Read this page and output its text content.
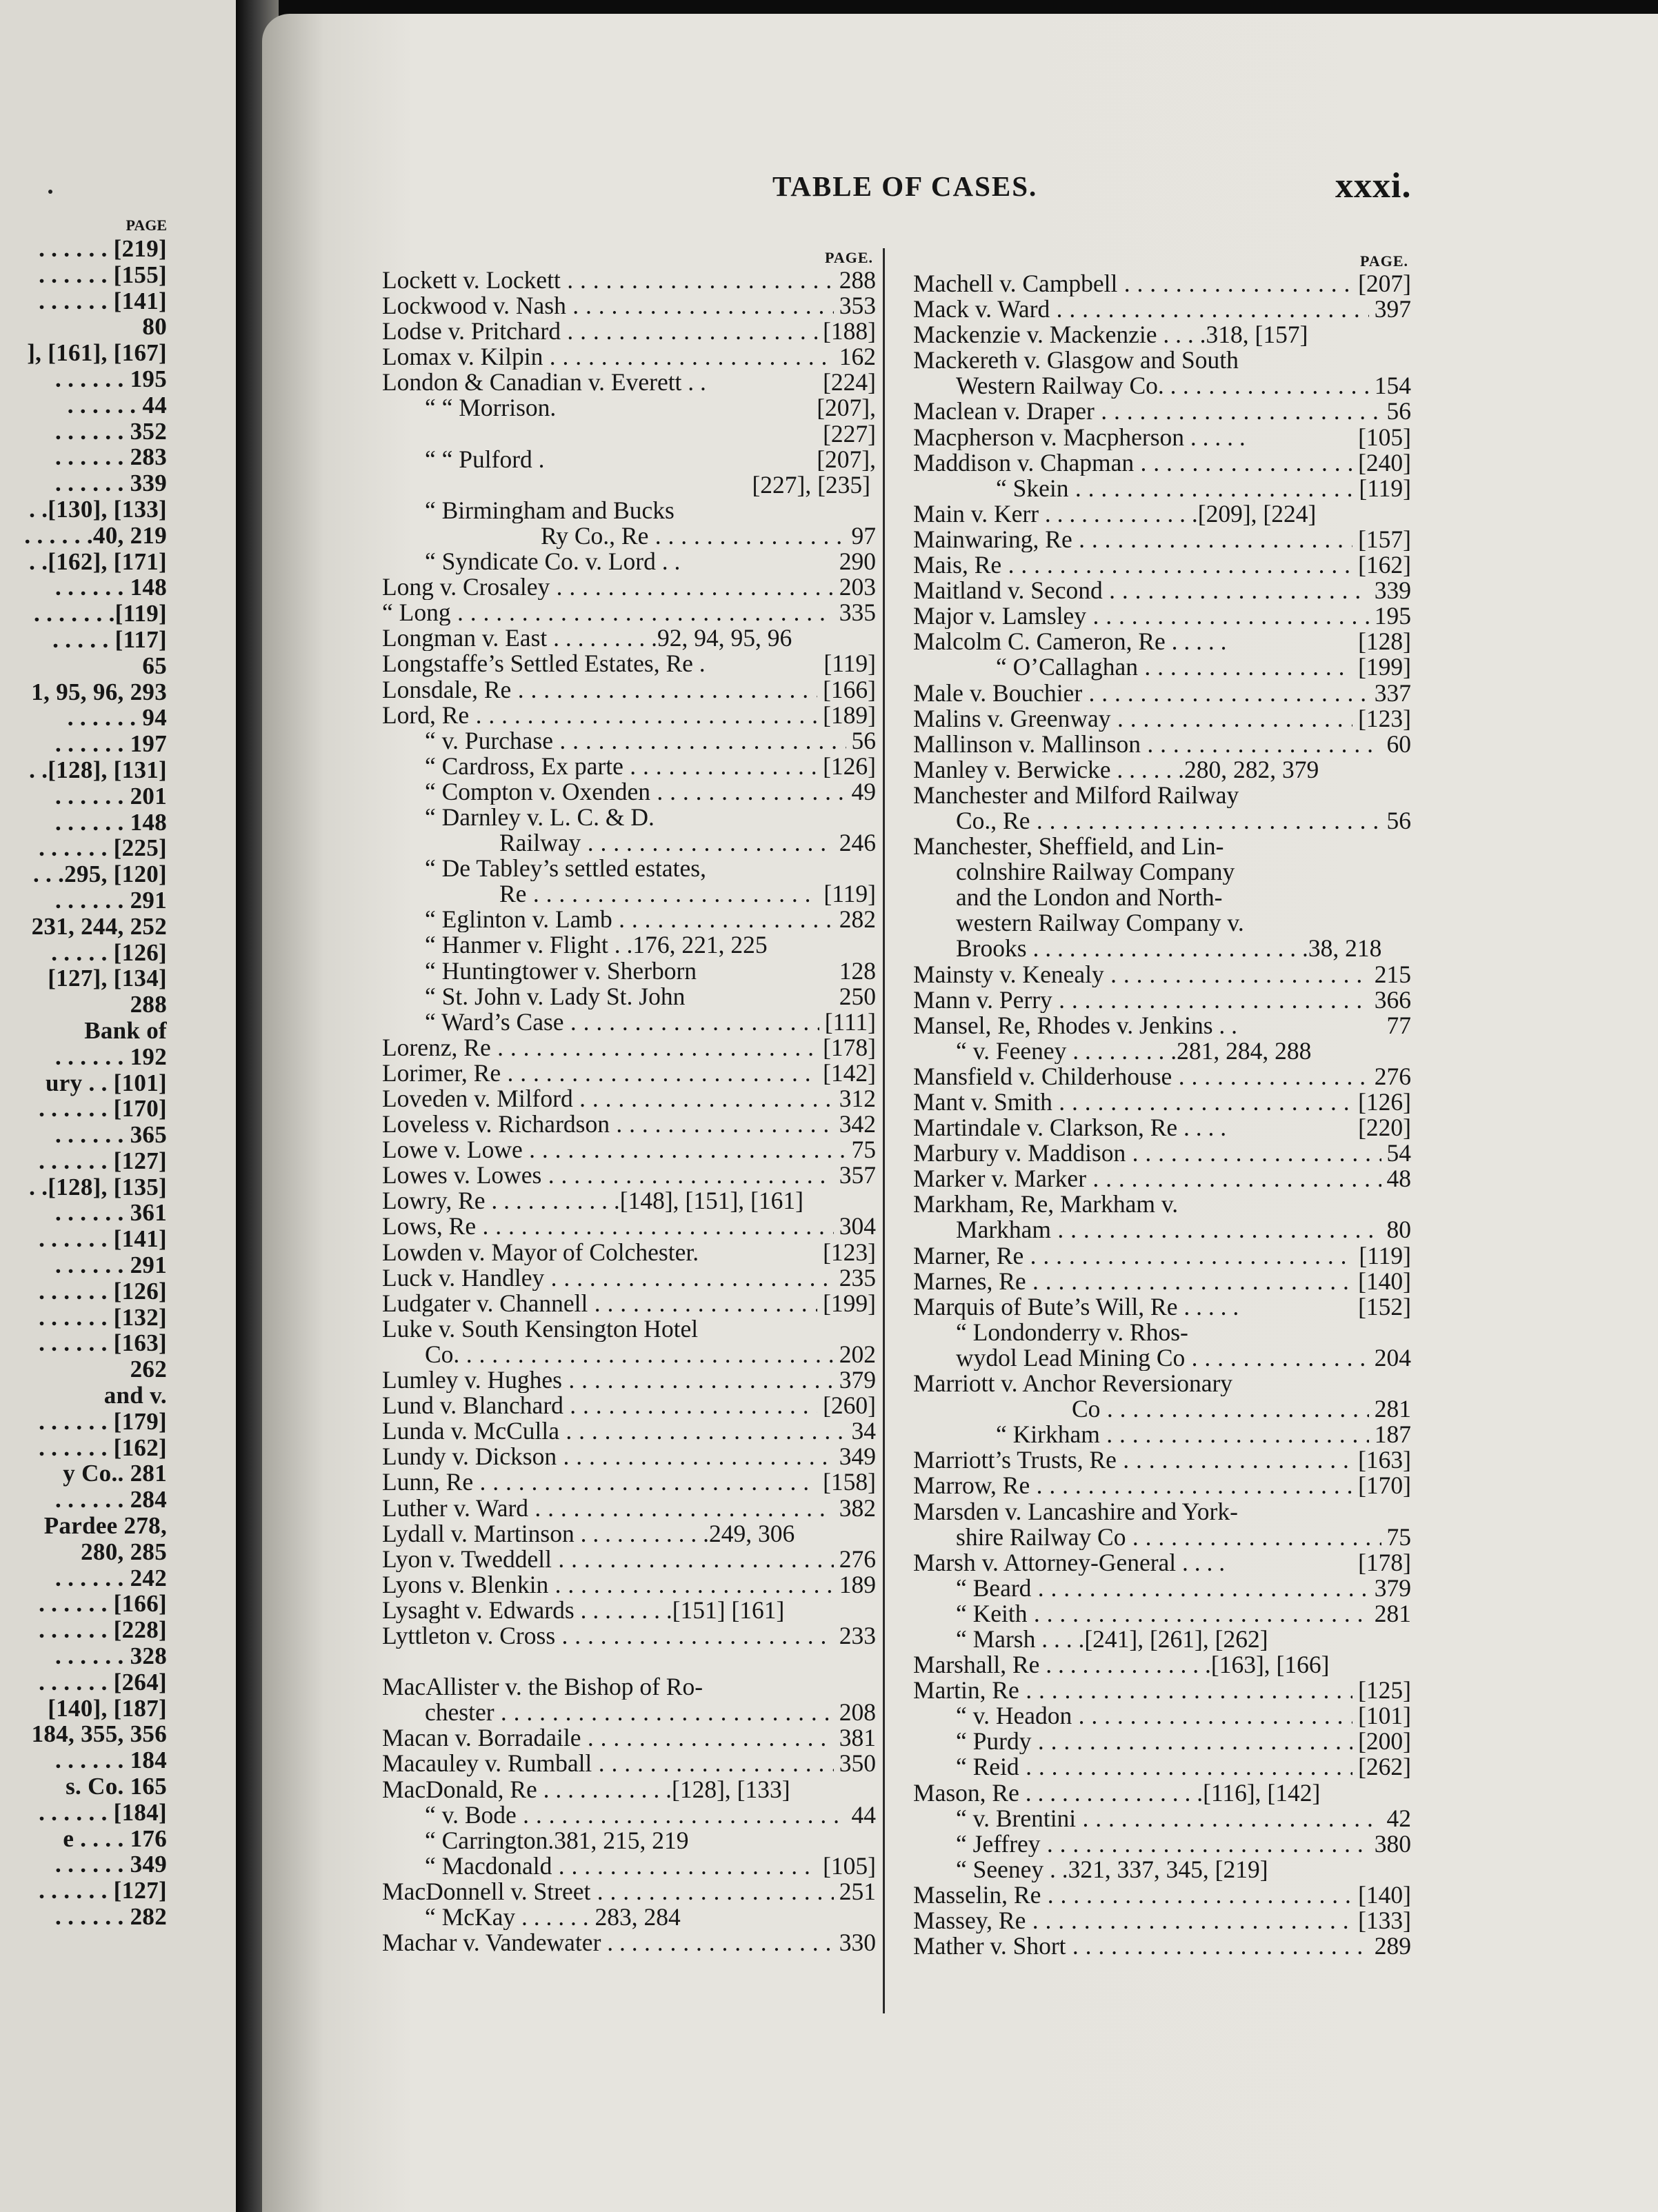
PAGE
. . . . . . [219]
. . . . . . [155]
. . . . . . [141]
80
], [161], [167]
. . . . . . 195
. . . . . . 44
. . . . . . 352
. . . . . . 283
. . . . . . 339
. .[130], [133]
. . . . . .40, 219
. .[162], [171]
. . . . . . 148
. . . . . . .[119]
. . . . . [117]
65
1, 95, 96, 293
. . . . . . 94
. . . . . . 197
. .[128], [131]
. . . . . . 201
. . . . . . 148
. . . . . . [225]
. . .295, [120]
. . . . . . 291
231, 244, 252
. . . . . [126]
[127], [134]
288
Bank of
. . . . . . 192
ury . . [101]
. . . . . . [170]
. . . . . . 365
. . . . . . [127]
. .[128], [135]
. . . . . . 361
. . . . . . [141]
. . . . . . 291
. . . . . . [126]
. . . . . . [132]
. . . . . . [163]
262
and v.
. . . . . . [179]
. . . . . . [162]
y Co.. 281
. . . . . . 284
Pardee 278,
280, 285
. . . . . . 242
. . . . . . [166]
. . . . . . [228]
. . . . . . 328
. . . . . . [264]
[140], [187]
184, 355, 356
. . . . . . 184
s. Co. 165
. . . . . . [184]
e . . . . 176
. . . . . . 349
. . . . . . [127]
. . . . . . 282
TABLE OF CASES.	xxxi.
PAGE.
Lockett v. Lockett . . .	288
Lockwood v. Nash . . .	353
Lodse v. Pritchard . . .	[188]
Lomax v. Kilpin . . .	162
London & Canadian v. Everett . .	[224]
“ “ Morrison.	[207],
[227]
“ “ Pulford .	[207],
[227], [235]
“ Birmingham and Bucks
Ry Co., Re . . .	97
“ Syndicate Co. v. Lord . .	290
Long v. Crosaley . . .	203
“ Long . . .	335
Longman v. East . . . . . . . . .92, 94, 95, 96
Longstaffe’s Settled Estates, Re .	[119]
Lonsdale, Re . . .	[166]
Lord, Re . . .	[189]
“ v. Purchase . . .	56
“ Cardross, Ex parte . . .	[126]
“ Compton v. Oxenden . . .	49
“ Darnley v. L. C. & D.
Railway . . .	246
“ De Tabley’s settled estates,
Re . . .	[119]
“ Eglinton v. Lamb . . .	282
“ Hanmer v. Flight . .176, 221, 225
“ Huntingtower v. Sherborn	128
“ St. John v. Lady St. John	250
“ Ward’s Case . . .	[111]
Lorenz, Re . . .	[178]
Lorimer, Re . . .	[142]
Loveden v. Milford . . .	312
Loveless v. Richardson . . .	342
Lowe v. Lowe . . .	75
Lowes v. Lowes . . .	357
Lowry, Re . . . . . . . . . . .[148], [151], [161]
Lows, Re . . .	304
Lowden v. Mayor of Colchester.	[123]
Luck v. Handley . . .	235
Ludgater v. Channell . . .	[199]
Luke v. South Kensington Hotel
Co. . . .	202
Lumley v. Hughes . . .	379
Lund v. Blanchard . . .	[260]
Lunda v. McCulla . . .	34
Lundy v. Dickson . . .	349
Lunn, Re . . .	[158]
Luther v. Ward . . .	382
Lydall v. Martinson . . . . . . . . . . .249, 306
Lyon v. Tweddell . . .	276
Lyons v. Blenkin . . .	189
Lysaght v. Edwards . . . . . . . .[151] [161]
Lyttleton v. Cross . . .	233
MacAllister v. the Bishop of Ro-
chester . . .	208
Macan v. Borradaile . . .	381
Macauley v. Rumball . . .	350
MacDonald, Re . . . . . . . . . . .[128], [133]
“ v. Bode . . .	44
“ Carrington.381, 215, 219
“ Macdonald . . .	[105]
MacDonnell v. Street . . .	251
“ McKay . . . . . . 283, 284
Machar v. Vandewater . . . . . .	330
PAGE.
Machell v. Campbell . . .	[207]
Mack v. Ward . . .	397
Mackenzie v. Mackenzie . . . .318, [157]
Mackereth v. Glasgow and South
Western Railway Co. . . . .	154
Maclean v. Draper . . .	56
Macpherson v. Macpherson . . . . .	[105]
Maddison v. Chapman . . .	[240]
“ Skein . . .	[119]
Main v. Kerr . . . . . . . . . . . . .[209], [224]
Mainwaring, Re . . .	[157]
Mais, Re . . .	[162]
Maitland v. Second . . .	339
Major v. Lamsley . . .	195
Malcolm C. Cameron, Re . . . . .	[128]
“ O’Callaghan . . .	[199]
Male v. Bouchier . . .	337
Malins v. Greenway . . .	[123]
Mallinson v. Mallinson . . .	60
Manley v. Berwicke . . . . . .280, 282, 379
Manchester and Milford Railway
Co., Re . . .	56
Manchester, Sheffield, and Lin-
colnshire Railway Company
and the London and North-
western Railway Company v.
Brooks . . . . . . . . . . . . . . . . . . . . . . .38, 218
Mainsty v. Kenealy . . .	215
Mann v. Perry . . .	366
Mansel, Re, Rhodes v. Jenkins . .	77
“ v. Feeney . . . . . . . . .281, 284, 288
Mansfield v. Childerhouse . . .	276
Mant v. Smith . . .	[126]
Martindale v. Clarkson, Re . . . .	[220]
Marbury v. Maddison . . .	54
Marker v. Marker . . .	48
Markham, Re, Markham v.
Markham . . .	80
Marner, Re . . .	[119]
Marnes, Re . . .	[140]
Marquis of Bute’s Will, Re . . . . .	[152]
“ Londonderry v. Rhos-
wydol Lead Mining Co . . .	204
Marriott v. Anchor Reversionary
Co . . .	281
“ Kirkham . . .	187
Marriott’s Trusts, Re . . .	[163]
Marrow, Re . . .	[170]
Marsden v. Lancashire and York-
shire Railway Co . . .	75
Marsh v. Attorney-General . . . .	[178]
“ Beard . . .	379
“ Keith . . .	281
“ Marsh . . . .[241], [261], [262]
Marshall, Re . . . . . . . . . . . . . .[163], [166]
Martin, Re . . .	[125]
“ v. Headon . . .	[101]
“ Purdy . . .	[200]
“ Reid . . .	[262]
Mason, Re . . . . . . . . . . . . . . .[116], [142]
“ v. Brentini . . .	42
“ Jeffrey . . .	380
“ Seeney . .321, 337, 345, [219]
Masselin, Re . . .	[140]
Massey, Re . . .	[133]
Mather v. Short . . .	289
